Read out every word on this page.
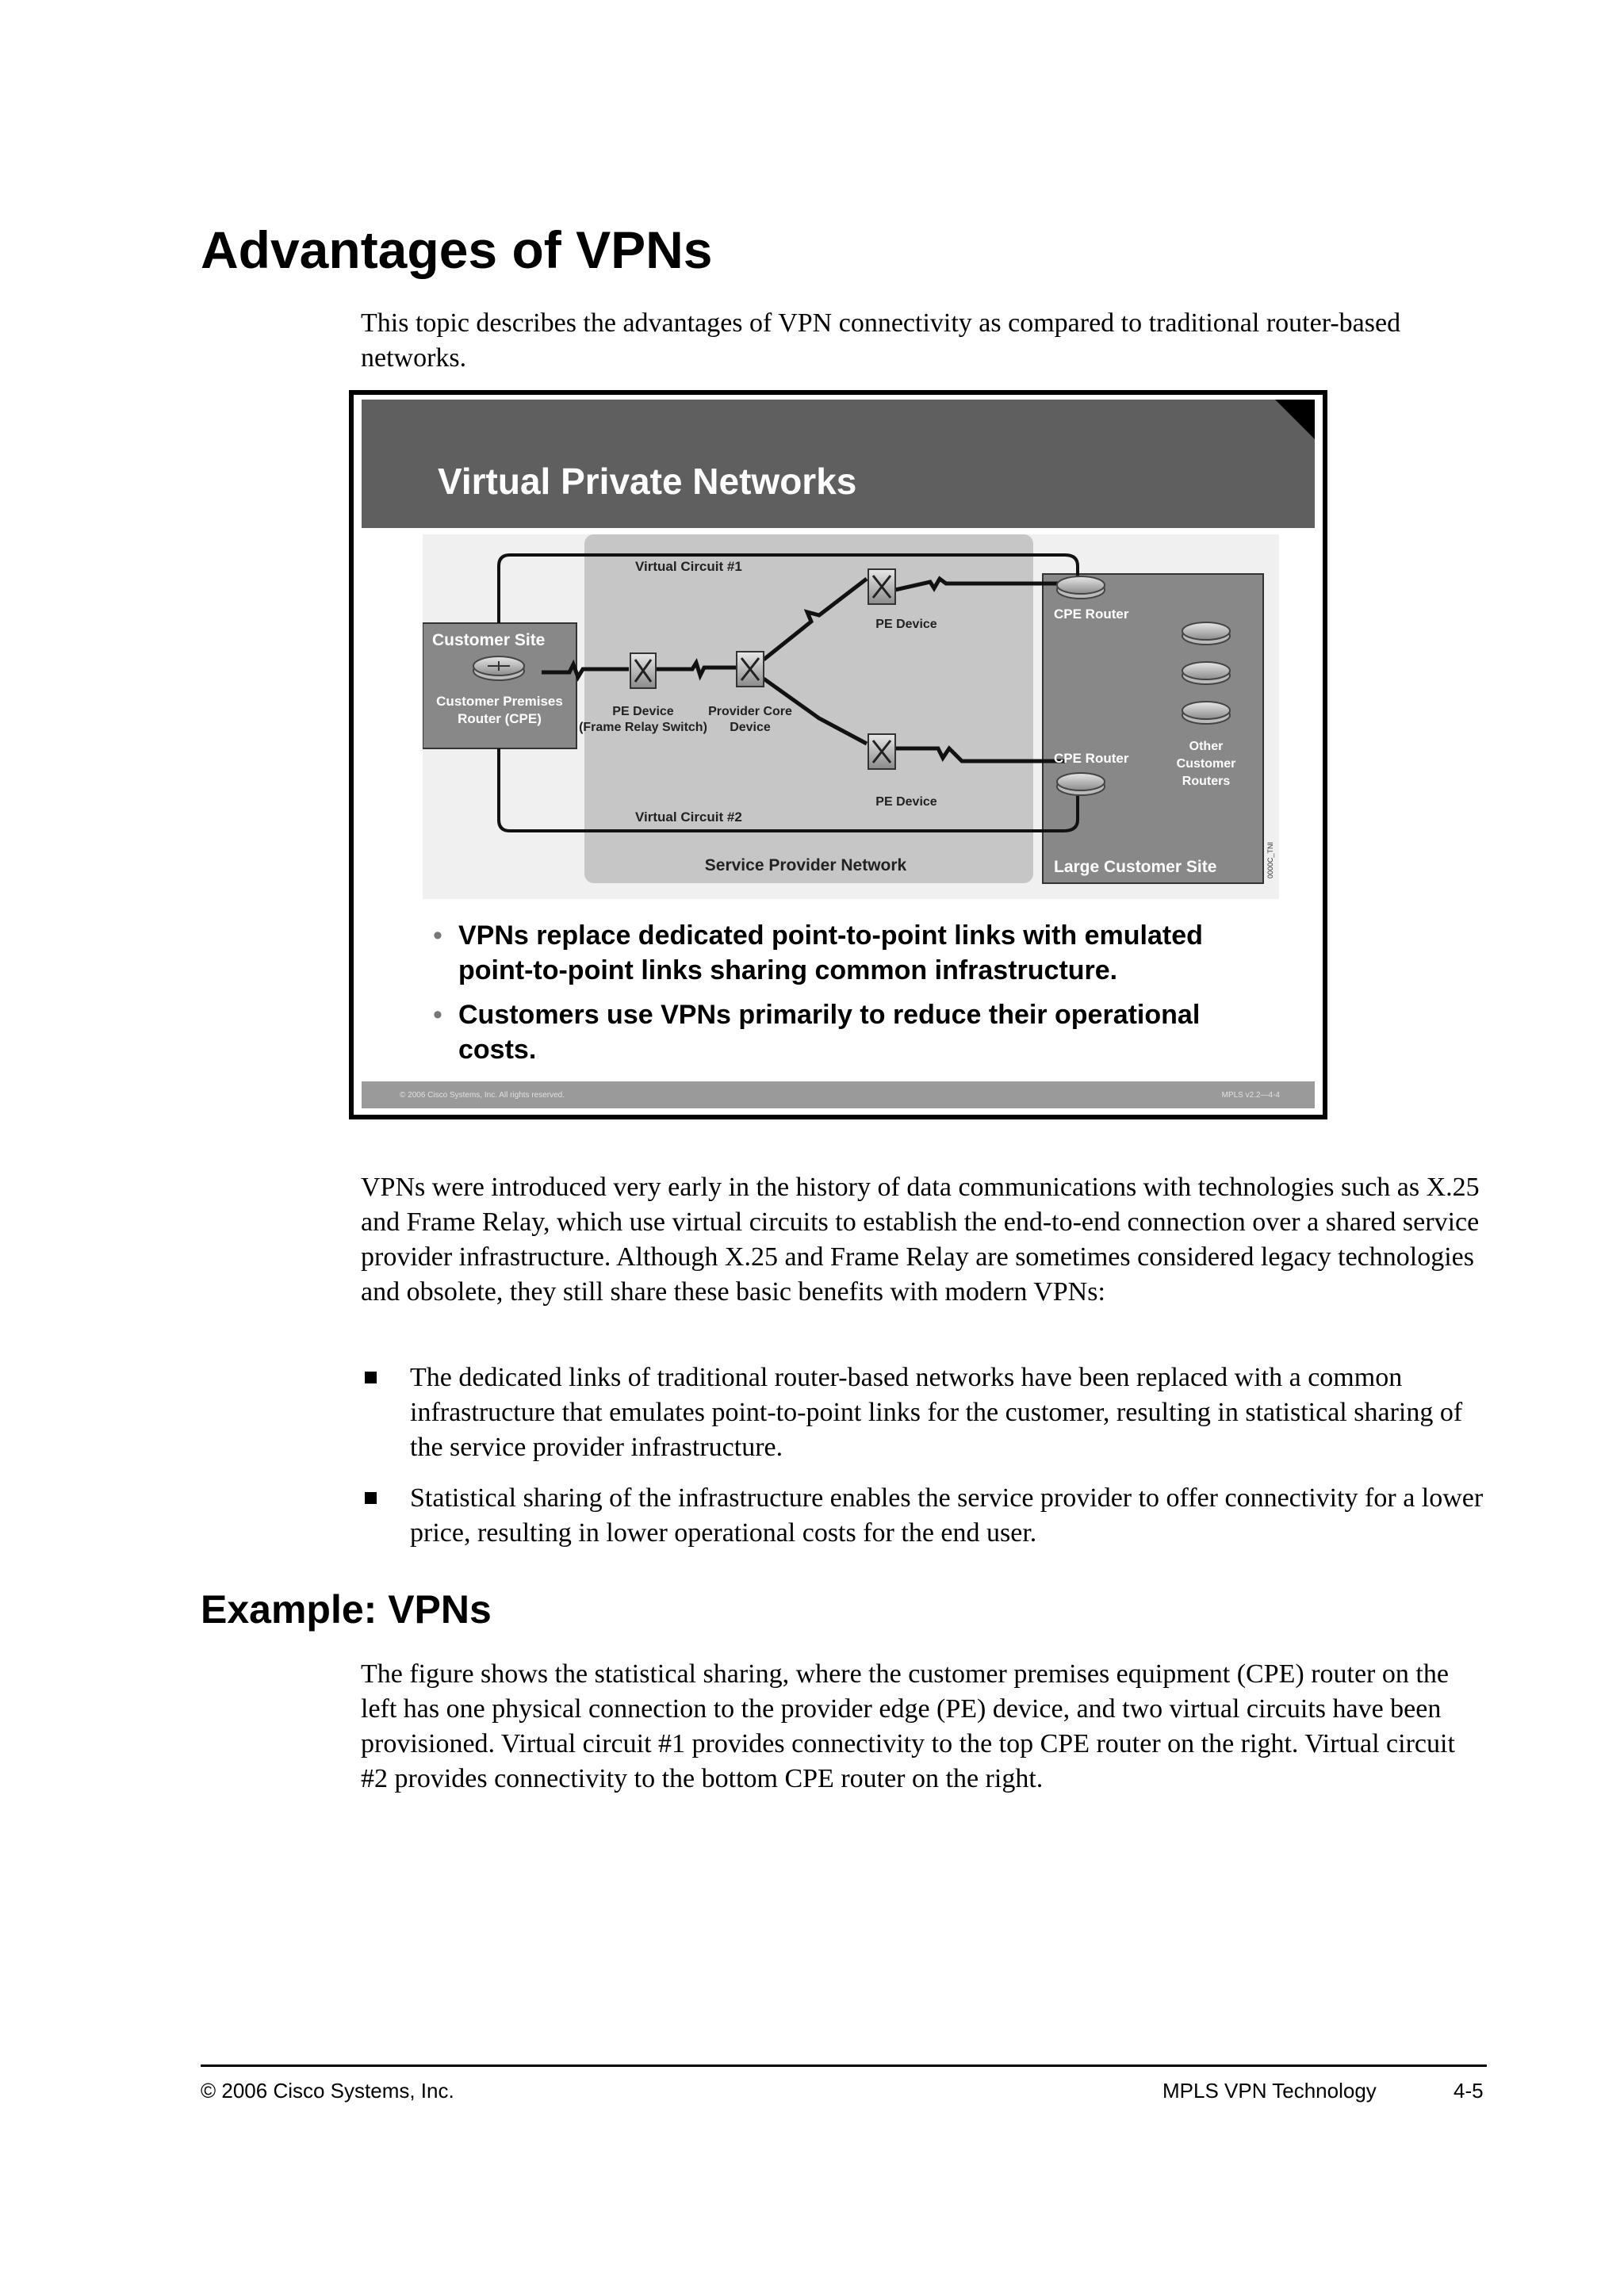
Advantages of VPNs

This topic describes the advantages of VPN connectivity as compared to traditional router-based networks.

Virtual Private Networks
Customer Site
Customer Premises
Router (CPE)
Virtual Circuit #1
Virtual Circuit #2
PE Device
(Frame Relay Switch)
Provider Core
Device
PE Device
PE Device
CPE Router
CPE Router
Other
Customer
Routers
Service Provider Network	Large Customer Site	0000C_TNI
• VPNs replace dedicated point-to-point links with emulated point-to-point links sharing common infrastructure.
• Customers use VPNs primarily to reduce their operational costs.
© 2006 Cisco Systems, Inc. All rights reserved.	MPLS v2.2—4-4

VPNs were introduced very early in the history of data communications with technologies such as X.25 and Frame Relay, which use virtual circuits to establish the end-to-end connection over a shared service provider infrastructure. Although X.25 and Frame Relay are sometimes considered legacy technologies and obsolete, they still share these basic benefits with modern VPNs:

The dedicated links of traditional router-based networks have been replaced with a common infrastructure that emulates point-to-point links for the customer, resulting in statistical sharing of the service provider infrastructure.
Statistical sharing of the infrastructure enables the service provider to offer connectivity for a lower price, resulting in lower operational costs for the end user.
Example: VPNs

The figure shows the statistical sharing, where the customer premises equipment (CPE) router on the left has one physical connection to the provider edge (PE) device, and two virtual circuits have been provisioned. Virtual circuit #1 provides connectivity to the top CPE router on the right. Virtual circuit #2 provides connectivity to the bottom CPE router on the right.

© 2006 Cisco Systems, Inc.	MPLS VPN Technology	4-5
